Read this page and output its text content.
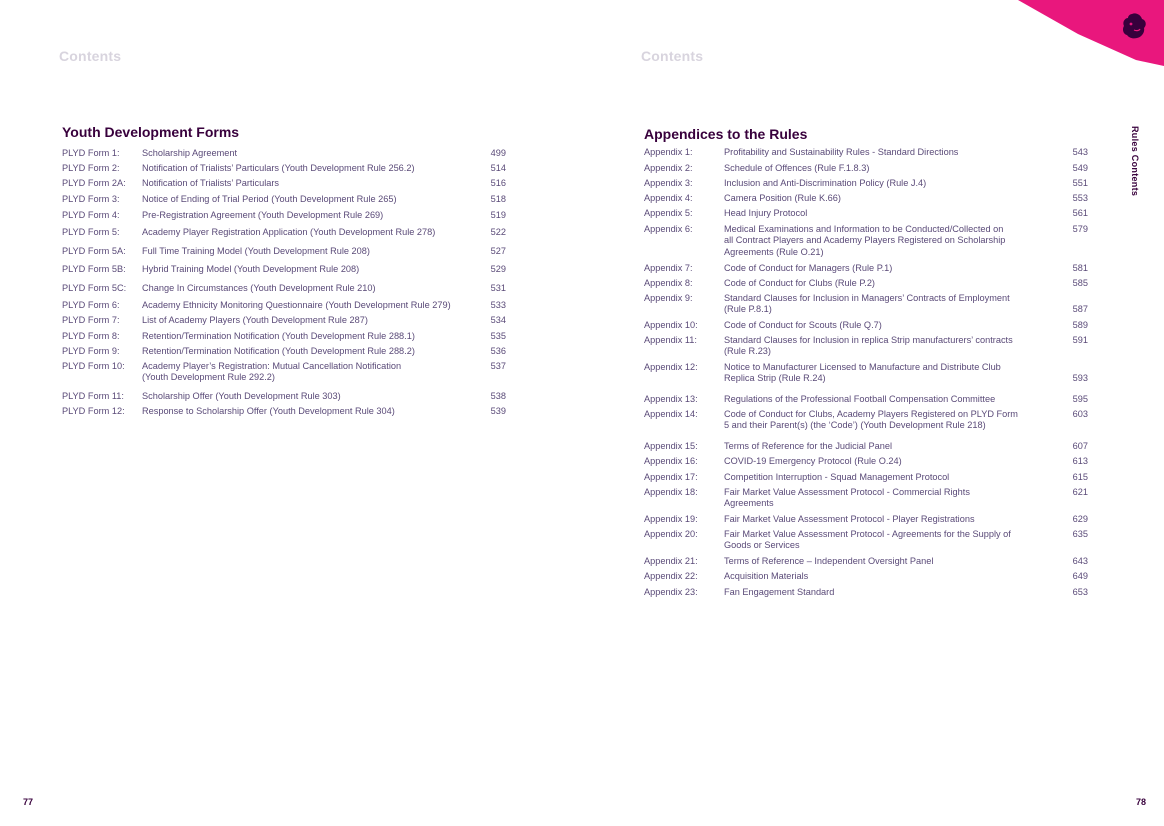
Contents
Youth Development Forms
PLYD Form 1: Scholarship Agreement	499
PLYD Form 2: Notification of Trialists’ Particulars (Youth Development Rule 256.2)	514
PLYD Form 2A: Notification of Trialists’ Particulars	516
PLYD Form 3: Notice of Ending of Trial Period (Youth Development Rule 265)	518
PLYD Form 4: Pre-Registration Agreement (Youth Development Rule 269)	519
PLYD Form 5: Academy Player Registration Application (Youth Development Rule 278)	522
PLYD Form 5A: Full Time Training Model (Youth Development Rule 208)	527
PLYD Form 5B: Hybrid Training Model (Youth Development Rule 208)	529
PLYD Form 5C: Change In Circumstances (Youth Development Rule 210)	531
PLYD Form 6: Academy Ethnicity Monitoring Questionnaire (Youth Development Rule 279)	533
PLYD Form 7: List of Academy Players (Youth Development Rule 287)	534
PLYD Form 8: Retention/Termination Notification (Youth Development Rule 288.1)	535
PLYD Form 9: Retention/Termination Notification (Youth Development Rule 288.2)	536
PLYD Form 10: Academy Player’s Registration: Mutual Cancellation Notification
(Youth Development Rule 292.2)
537
PLYD Form 11: Scholarship Offer (Youth Development Rule 303)	538
PLYD Form 12: Response to Scholarship Offer (Youth Development Rule 304)	539
77
Contents
Appendices to the Rules
Appendix 1:	Profitability and Sustainability Rules - Standard Directions	543
Appendix 2:	Schedule of Offences (Rule F.1.8.3)	549
Appendix 3:	Inclusion and Anti-Discrimination Policy (Rule J.4)	551
Appendix 4:	Camera Position (Rule K.66)	553
Appendix 5:	Head Injury Protocol	561
Appendix 6:	Medical Examinations and Information to be Conducted/Collected on
all Contract Players and Academy Players Registered on Scholarship
Agreements (Rule O.21)
579
Appendix 7:	Code of Conduct for Managers (Rule P.1)	581
Appendix 8:	Code of Conduct for Clubs (Rule P.2)	585
Appendix 9:	Standard Clauses for Inclusion in Managers’ Contracts of Employment
(Rule P.8.1)	587
Appendix 10:	Code of Conduct for Scouts (Rule Q.7)	589
Appendix 11:	Standard Clauses for Inclusion in replica Strip manufacturers’ contracts
(Rule R.23)
591
Appendix 12:	Notice to Manufacturer Licensed to Manufacture and Distribute Club
Replica Strip (Rule R.24)	593
Appendix 13:	Regulations of the Professional Football Compensation Committee	595
Appendix 14:	Code of Conduct for Clubs, Academy Players Registered on PLYD Form
5 and their Parent(s) (the ‘Code’) (Youth Development Rule 218)
603
Appendix 15:	Terms of Reference for the Judicial Panel	607
Appendix 16:	COVID-19 Emergency Protocol (Rule O.24)	613
Appendix 17:	Competition Interruption - Squad Management Protocol	615
Appendix 18:	Fair Market Value Assessment Protocol - Commercial Rights
Agreements
621
Appendix 19:	Fair Market Value Assessment Protocol - Player Registrations	629
Appendix 20:	Fair Market Value Assessment Protocol - Agreements for the Supply of
Goods or Services
635
Appendix 21:	Terms of Reference – Independent Oversight Panel	643
Appendix 22:	Acquisition Materials	649
Appendix 23:	Fan Engagement Standard	653
Rules Contents
78
